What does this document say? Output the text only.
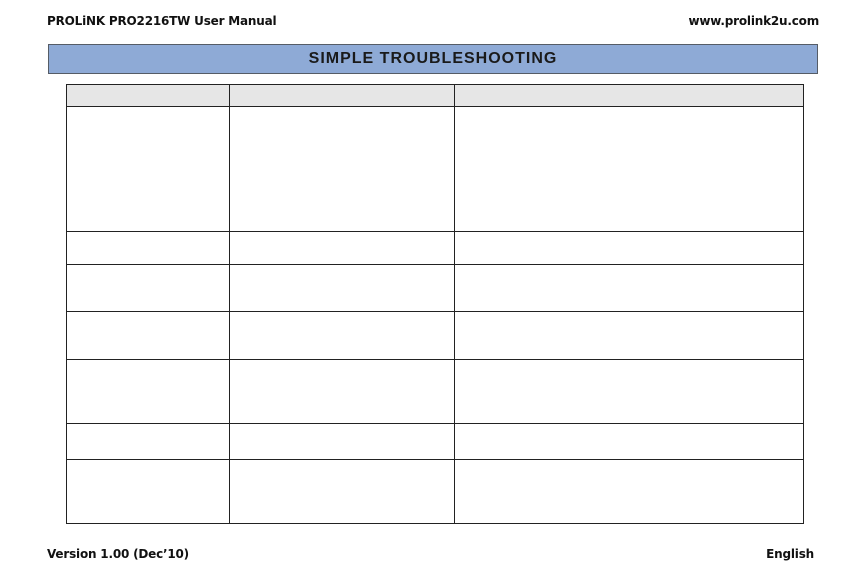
PROLiNK PRO2216TW User Manual	www.prolink2u.com
SIMPLE TROUBLESHOOTING

Version 1.00 (Dec’10)	English
